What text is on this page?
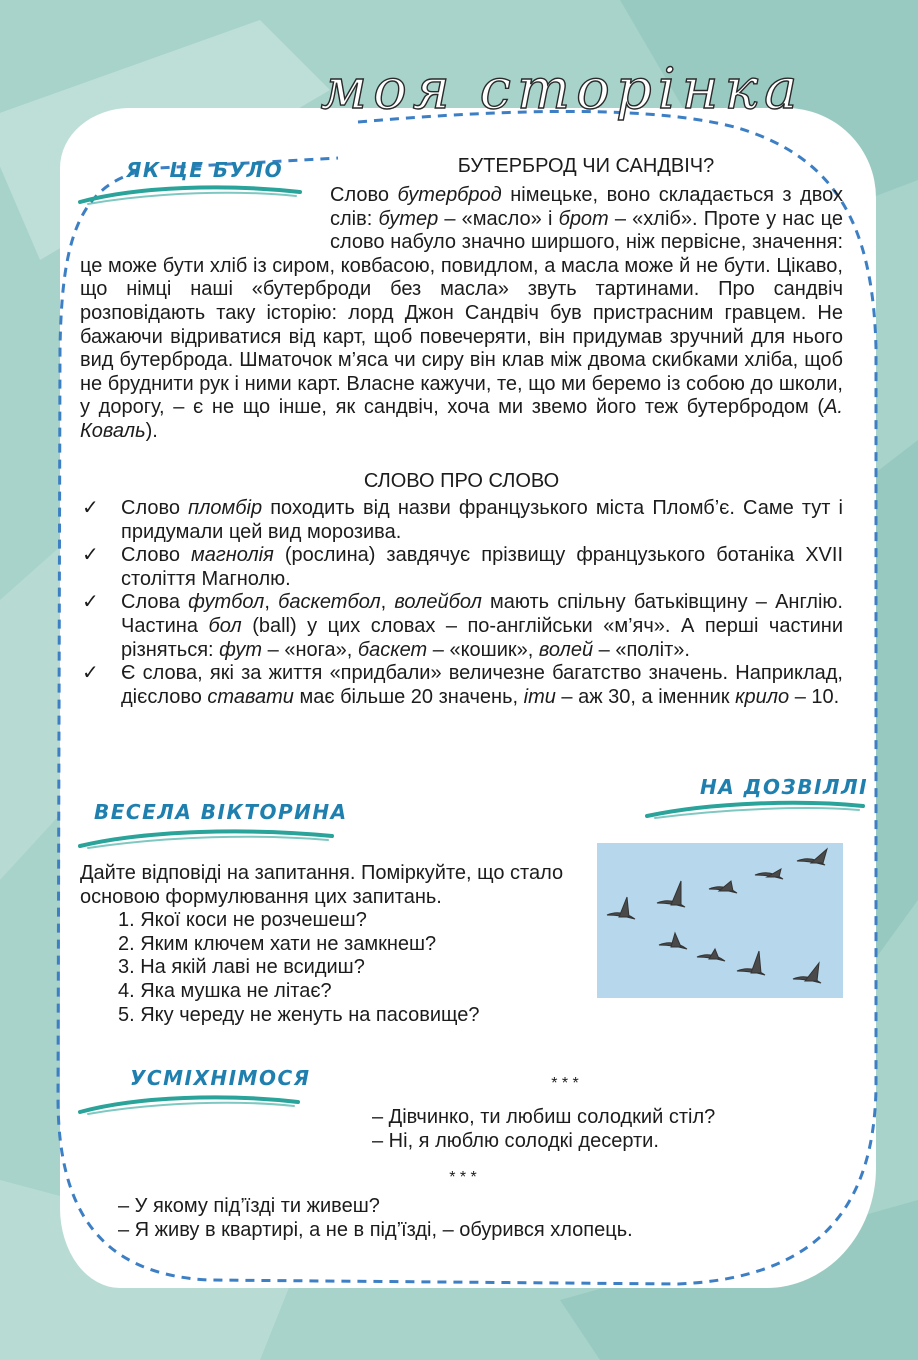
моя сторінка
ЯК ЦЕ БУЛО	БУТЕРБРОД ЧИ САНДВІЧ?
Слово бутерброд німецьке, воно складається з двох слів: бутер – «масло» і брот – «хліб». Проте у нас це слово набуло значно ширшого, ніж первісне, значення: це може бути хліб із сиром, ковбасою, повидлом, а масла може й не бути. Цікаво, що німці наші «бутерброди без масла» звуть тартинами. Про сандвіч розповідають таку історію: лорд Джон Сандвіч був пристрасним гравцем. Не бажаючи відриватися від карт, щоб повечеряти, він придумав зручний для нього вид бутерброда. Шматочок м’яса чи сиру він клав між двома скибками хліба, щоб не бруднити рук і ними карт. Власне кажучи, те, що ми беремо із собою до школи, у дорогу, – є не що інше, як сандвіч, хоча ми звемо його теж бутербродом (А. Коваль).
СЛОВО ПРО СЛОВО
✓ Слово пломбір походить від назви французького міста Пломб’є. Саме тут і придумали цей вид морозива.
✓ Слово магнолія (рослина) завдячує прізвищу французького ботаніка XVII століття Магнолю.
✓ Слова футбол, баскетбол, волейбол мають спільну батьківщину – Англію. Частина бол (ball) у цих словах – по-англійськи «м’яч». А перші частини різняться: фут – «нога», баскет – «кошик», волей – «політ».
✓ Є слова, які за життя «придбали» величезне багатство значень. Наприклад, дієслово ставати має більше 20 значень, іти – аж 30, а іменник крило – 10.
НА ДОЗВІЛЛІ
ВЕСЕЛА ВІКТОРИНА

Дайте відповіді на запитання. Поміркуйте, що стало основою формулювання цих запитань.

1. Якої коси не розчешеш?
2. Яким ключем хати не замкнеш?
3. На якій лаві не всидиш?
4. Яка мушка не літає?
5. Яку череду не женуть на пасовище?
УСМІХНІМОСЯ	* * *
– Дівчинко, ти любиш солодкий стіл?
– Ні, я люблю солодкі десерти.
* * *
– У якому під’їзді ти живеш?
– Я живу в квартирі, а не в під’їзді, – обурився хлопець.
